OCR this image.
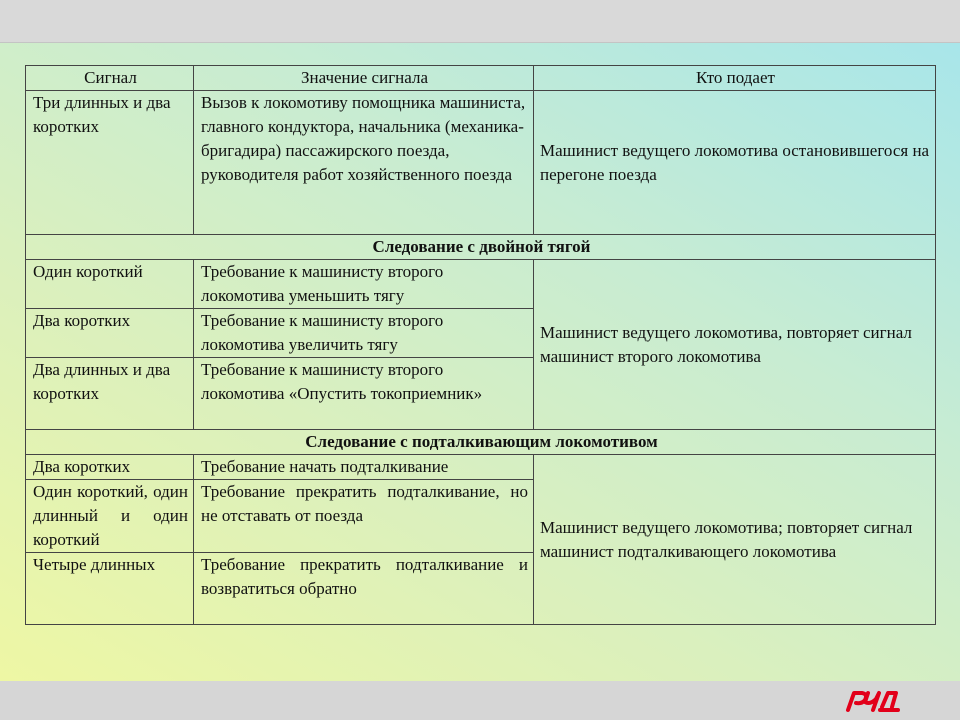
Сигнал	Значение сигнала	Кто подает
Три длинных и два коротких	Вызов к локомотиву помощника машиниста, главного кондуктора, начальника (механика-бригадира) пассажирского поезда, руководителя работ хозяйственного поезда	Машинист ведущего локомотива остановившегося на перегоне поезда
Следование с двойной тягой		
Один короткий	Требование к машинисту второго локомотива уменьшить тягу	Машинист ведущего локомотива, повторяет сигнал машинист второго локомотива
Два коротких	Требование к машинисту второго локомотива увеличить тягу	
Два длинных и два коротких	Требование к машинисту второго локомотива «Опустить токоприемник»	
Следование с подталкивающим локомотивом		
Два коротких	Требование начать подталкивание	Машинист ведущего локомотива; повторяет сигнал машинист подталкивающего локомотива
Один короткий, один длинный и один короткий	Требование прекратить подталкивание, но не отставать от поезда	
Четыре длинных	Требование прекратить подталкивание и возвратиться обратно	
